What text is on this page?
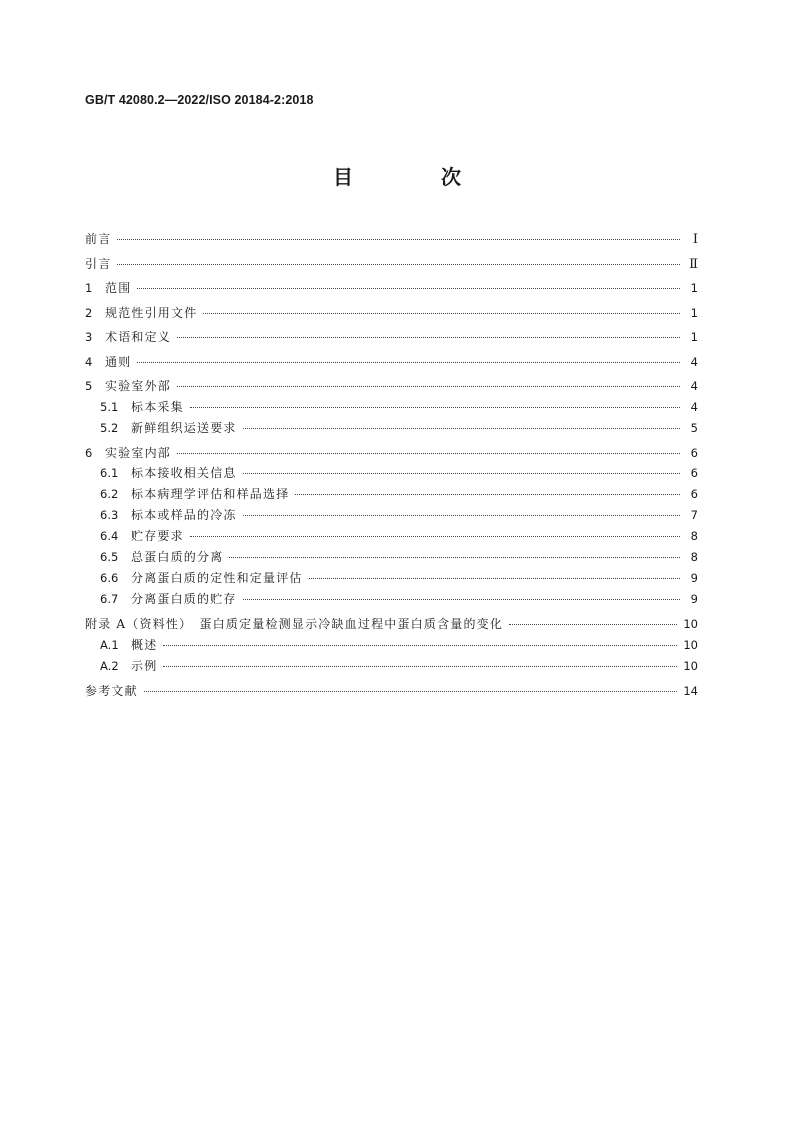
GB/T 42080.2—2022/ISO 20184-2:2018
目　次
前言	Ⅰ
引言	Ⅱ
1	范围	1
2	规范性引用文件	1
3	术语和定义	1
4	通则	4
5	实验室外部	4
5.1	标本采集	4
5.2	新鲜组织运送要求	5
6	实验室内部	6
6.1	标本接收相关信息	6
6.2	标本病理学评估和样品选择	6
6.3	标本或样品的冷冻	7
6.4	贮存要求	8
6.5	总蛋白质的分离	8
6.6	分离蛋白质的定性和定量评估	9
6.7	分离蛋白质的贮存	9
附录 A（资料性）　蛋白质定量检测显示冷缺血过程中蛋白质含量的变化	10
A.1	概述	10
A.2	示例	10
参考文献	14
